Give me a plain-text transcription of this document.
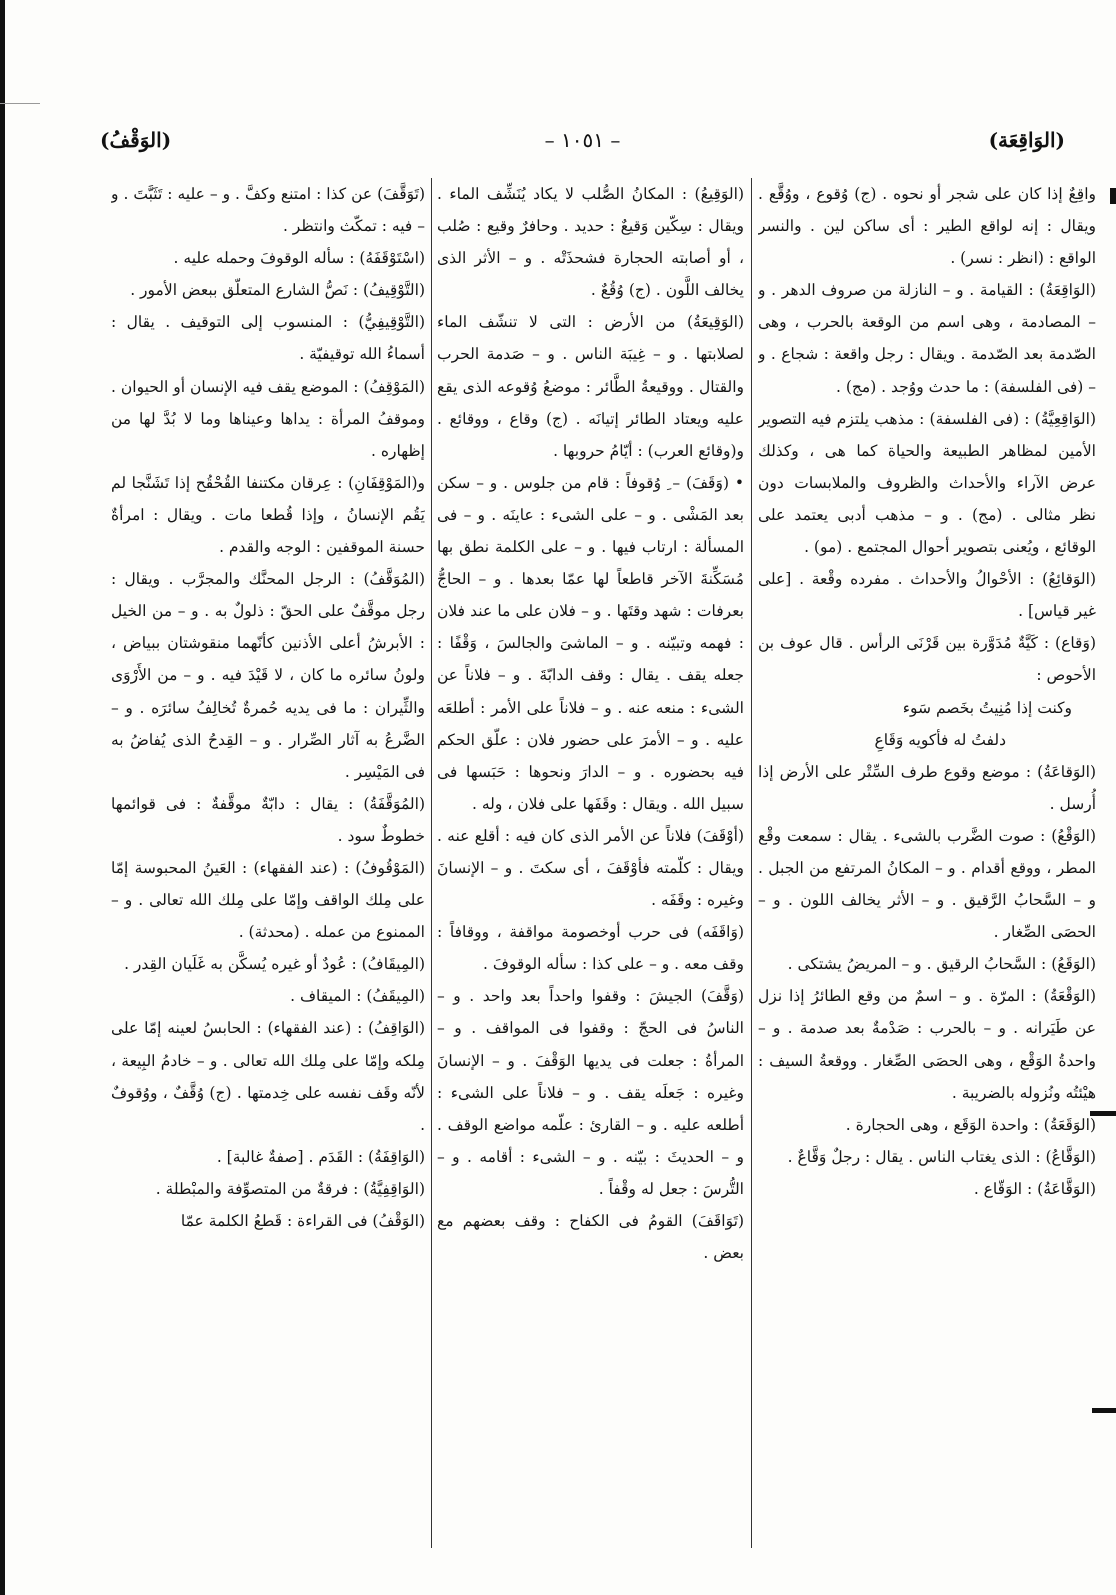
(الوَاقِعَة)
– ١٠٥١ –
(الوَقْفُ)

واقِعٌ إذا كان على شجر أو نحوه . (ج) وُقوع ، ووُقَّع . ويقال : إنه لواقع الطير : أى ساكن لين . والنسر الواقع : (انظر : نسر) .

(الوَاقِعَةُ) : القيامة . و – النازلة من صروف الدهر . و – المصادمة ، وهى اسم من الوقعة بالحرب ، وهى الصّدمة بعد الصّدمة . ويقال : رجل واقعة : شجاع . و – (فى الفلسفة) : ما حدث ووُجد . (مج) .

(الوَاقِعِيَّةُ) : (فى الفلسفة) : مذهب يلتزم فيه التصوير الأمين لمظاهر الطبيعة والحياة كما هى ، وكذلك عرض الآراء والأحداث والظروف والملابسات دون نظر مثالى . (مج) . و – مذهب أدبى يعتمد على الوقائع ، ويُعنى بتصوير أحوال المجتمع . (مو) .

(الوَقائِعُ) : الأحْوالُ والأحداث . مفرده وقْعة . [على غير قياس] .

(وَقاع) : كَيَّةٌ مُدَوَّرة بين قَرْنَى الرأس . قال عوف بن الأحوص :

وكنت إذا مُنِيتُ بخَصم سَوء

دلفتُ له فأكويه وَقَاعِ

(الوَقاعَةُ) : موضع وقوع طرف السِّتْر على الأرض إذا أُرسل .

(الوَقْعُ) : صوت الضَّرب بالشىء . يقال : سمعت وقْع المطر ، ووقع أقدام . و – المكانُ المرتفع من الجبل . و – السَّحابُ الرَّقيق . و – الأثر يخالف اللون . و – الحصَى الصِّغار .

(الوَقَعُ) : السَّحابُ الرقيق . و – المريضُ يشتكى .

(الوَقْعَةُ) : المرّة . و – اسمٌ من وقع الطائرُ إذا نزل عن طَيَرانه . و – بالحرب : صَدْمةٌ بعد صدمة . و – واحدةُ الوَقْع ، وهى الحصَى الصِّغار . ووقعةُ السيف : هيْئتُه ونُزوله بالضريبة .

(الوَقَعَةُ) : واحدة الوَقَع ، وهى الحجارة .

(الوَقَّاعُ) : الذى يغتاب الناس . يقال : رجلٌ وَقَّاعٌ .

(الوَقَّاعَةُ) : الوَقّاع .

(الوَقِيعُ) : المكانُ الصُّلب لا يكاد يُنَشِّف الماء . ويقال : سِكّين وَقيعٌ : حديد . وحافرٌ وقيع : صُلب ، أو أصابته الحجارة فشحذَتْه . و – الأثر الذى يخالف اللَّون . (ج) وُقُعٌ .

(الوَقِيعَةُ) من الأرض : التى لا تنشّف الماء لصلابتها . و – غِيبَة الناس . و – صَدمة الحرب والقتال . ووقيعةُ الطَّائر : موضعُ وُقوعه الذى يقع عليه ويعتاد الطائر إتيانَه . (ج) وقاع ، ووقائع . و(وقائع العرب) : أيّامُ حروبها .

• (وَقَفَ) – ِ وُقوفاً : قام من جلوس . و – سكن بعد المَشْى . و – على الشىء : عاينَه . و – فى المسألة : ارتاب فيها . و – على الكلمة نطق بها مُسَكِّنةَ الآخر قاطعاً لها عمّا بعدها . و – الحاجُّ بعرفات : شهد وقتَها . و – فلان على ما عند فلان : فهمه وتبيّنه . و – الماشىَ والجالسَ ، وَقْفًا : جعله يقف . يقال : وقف الدابّةَ . و – فلاناً عن الشىء : منعه عنه . و – فلاناً على الأمر : أطلعَه عليه . و – الأمرَ على حضور فلان : علّق الحكم فيه بحضوره . و – الدارَ ونحوها : حَبَسها فى سبيل الله . ويقال : وقَفَها على فلان ، وله .

(أوْقَفَ) فلاناً عن الأمر الذى كان فيه : أقلع عنه . ويقال : كلّمته فأوْقَفَ ، أى سكتَ . و – الإنسانَ وغيره : وقَفَه .

(وَاقَفَه) فى حرب أوخصومة مواقفة ، ووقافاً : وقف معه . و – على كذا : سأله الوقوفَ .

(وَقَّفَ) الجيشَ : وقفوا واحداً بعد واحد . و – الناسُ فى الحجّ : وقفوا فى المواقف . و – المرأةُ : جعلت فى يديها الوَقْفَ . و – الإنسانَ وغيره : جَعلَه يقف . و – فلاناً على الشىء : أطلعه عليه . و – القارئ : علّمه مواضع الوقف . و – الحديثَ : بيّنه . و – الشىء : أقامه . و – التُّرسَ : جعل له وقْفاً .

(تَوَاقَفَ) القومُ فى الكفاح : وقف بعضهم مع بعض .

(تَوَقَّفَ) عن كذا : امتنع وكفَّ . و – عليه : تَثَبَّتَ . و – فيه : تمكّث وانتظر .

(اسْتَوْقَفَهُ) : سأله الوقوفَ وحمله عليه .

(التَّوْقِيفُ) : نَصُّ الشارع المتعلّق ببعض الأمور .

(التَّوْقِيفِيُّ) : المنسوب إلى التوقيف . يقال : أسماءُ الله توقيفيّة .

(المَوْقِفُ) : الموضع يقف فيه الإنسان أو الحيوان . وموقفُ المرأة : يداها وعيناها وما لا بُدَّ لها من إظهاره .

و(المَوْقِفَانِ) : عِرقان مكتنفا القُحْقُح إذا تَشَنَّجا لم يَقُم الإنسانُ ، وإذا قُطعا مات . ويقال : امرأةٌ حسنة الموقفين : الوجه والقدم .

(المُوَقَّفُ) : الرجل المحنَّك والمجرَّب . ويقال : رجل موقَّفٌ على الحقّ : ذلولٌ به . و – من الخيل : الأبرشُ أعلى الأذنين كأنّهما منقوشتان ببياض ، ولونُ سائره ما كان ، لا قَيْدَ فيه . و – من الأَرْوَى والثِّيران : ما فى يديه حُمرةٌ تُخالِفُ سائرَه . و – الضَّرعُ به آثار الصِّرار . و – القِدحُ الذى يُفاضُ به فى المَيْسِر .

(المُوَقَّفَةُ) : يقال : دابّةٌ موقَّفةٌ : فى قوائمها خطوطٌ سود .

(المَوْقُوفُ) : (عند الفقهاء) : العَينُ المحبوسة إمّا على مِلك الواقف وإمّا على مِلك الله تعالى . و – الممنوع من عمله . (محدثة) .

(المِيقَافُ) : عُودٌ أو غيره يُسكَّن به غَلَيان القِدر .

(المِيقَفُ) : الميقاف .

(الوَاقِفُ) : (عند الفقهاء) : الحابسُ لعينه إمّا على مِلكه وإمّا على مِلك الله تعالى . و – خادمُ البِيعة ، لأنّه وقَف نفسه على خِدمتها . (ج) وُقَّفٌ ، ووُقوفٌ .

(الوَاقِفَةُ) : القَدَم . [صفةٌ غالبة] .

(الوَاقِفِيَّةُ) : فرقةٌ من المتصوِّفة والمبْطلة .

(الوَقْفُ) فى القراءة : قَطعُ الكلمة عمّا
